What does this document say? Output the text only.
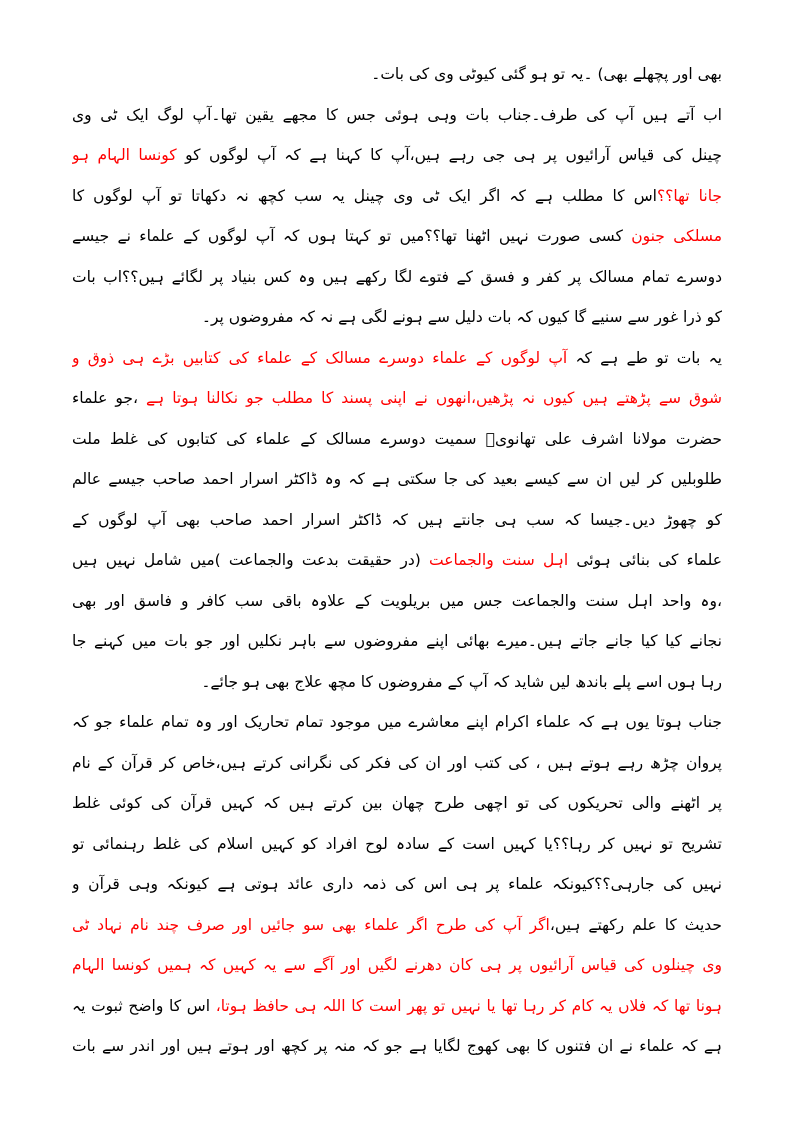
بھی اور پچھلے بھی) ۔یہ تو ہو گئی کیوٹی وی کی بات۔
اب آتے ہیں آپ کی طرف۔جناب بات وہی ہوئی جس کا مجھے یقین تھا۔آپ لوگ ایک ٹی وی
چینل کی قیاس آرائیوں پر ہی جی رہے ہیں،آپ کا کہنا ہے کہ آپ لوگوں کو کونسا الہام ہو
جانا تھا؟؟اس کا مطلب ہے کہ اگر ایک ٹی وی چینل یہ سب کچھ نہ دکھاتا تو آپ لوگوں کا
مسلکی جنون کسی صورت نہیں اٹھنا تھا؟؟میں تو کہتا ہوں کہ آپ لوگوں کے علماء نے جیسے
دوسرے تمام مسالک پر کفر و فسق کے فتوے لگا رکھے ہیں وہ کس بنیاد پر لگائے ہیں؟؟اب بات
کو ذرا غور سے سنیے گا کیوں کہ بات دلیل سے ہونے لگی ہے نہ کہ مفروضوں پر۔
یہ بات تو طے ہے کہ آپ لوگوں کے علماء دوسرے مسالک کے علماء کی کتابیں بڑے ہی ذوق و
شوق سے پڑھتے ہیں کیوں نہ پڑھیں،انھوں نے اپنی پسند کا مطلب جو نکالنا ہوتا ہے ،جو علماء
حضرت مولانا اشرف علی تھانویؒ سمیت دوسرے مسالک کے علماء کی کتابوں کی غلط ملت
طلوبلیں کر لیں ان سے کیسے بعید کی جا سکتی ہے کہ وہ ڈاکٹر اسرار احمد صاحب جیسے عالم
کو چھوڑ دیں۔جیسا کہ سب ہی جانتے ہیں کہ ڈاکٹر اسرار احمد صاحب بھی آپ لوگوں کے
علماء کی بنائی ہوئی اہل سنت والجماعت (در حقیقت بدعت والجماعت )میں شامل نہیں ہیں
،وہ واحد اہل سنت والجماعت جس میں بریلویت کے علاوہ باقی سب کافر و فاسق اور بھی
نجانے کیا کیا جانے جاتے ہیں۔میرے بھائی اپنے مفروضوں سے باہر نکلیں اور جو بات میں کہنے جا
رہا ہوں اسے پلے باندھ لیں شاید کہ آپ کے مفروضوں کا مچھ علاج بھی ہو جائے۔
جناب ہوتا یوں ہے کہ علماء اکرام اپنے معاشرے میں موجود تمام تحاریک اور وہ تمام علماء جو کہ
پروان چڑھ رہے ہوتے ہیں ، کی کتب اور ان کی فکر کی نگرانی کرتے ہیں،خاص کر قرآن کے نام
پر اٹھنے والی تحریکوں کی تو اچھی طرح چھان بین کرتے ہیں کہ کہیں قرآن کی کوئی غلط
تشریح تو نہیں کر رہا؟؟یا کہیں است کے سادہ لوح افراد کو کہیں اسلام کی غلط رہنمائی تو
نہیں کی جارہی؟؟کیونکہ علماء پر ہی اس کی ذمہ داری عائد ہوتی ہے کیونکہ وہی قرآن و
حدیث کا علم رکھتے ہیں،اگر آپ کی طرح اگر علماء بھی سو جائیں اور صرف چند نام نہاد ٹی
وی چینلوں کی قیاس آرائیوں پر ہی کان دھرنے لگیں اور آگے سے یہ کہیں کہ ہمیں کونسا الہام
ہونا تھا کہ فلاں یہ کام کر رہا تھا یا نہیں تو پھر است کا اللہ ہی حافظ ہوتا، اس کا واضح ثبوت یہ
ہے کہ علماء نے ان فتنوں کا بھی کھوج لگایا ہے جو کہ منہ پر کچھ اور ہوتے ہیں اور اندر سے بات
